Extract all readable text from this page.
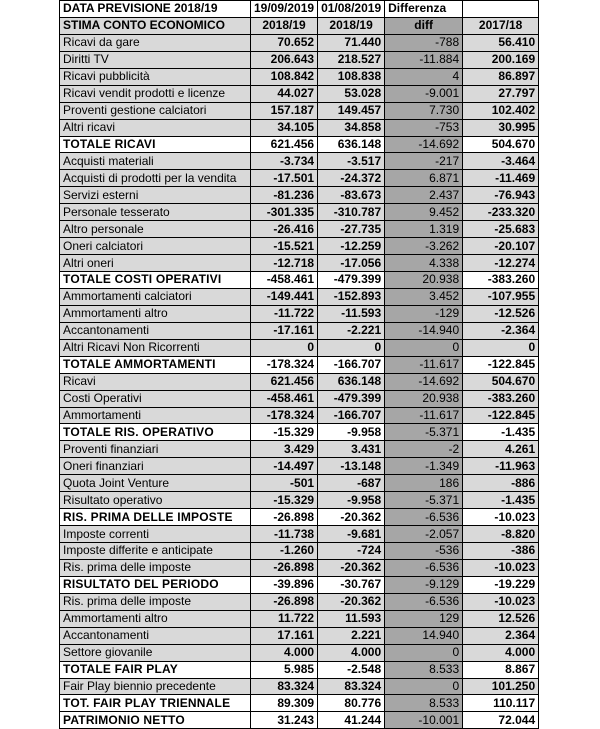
DATA PREVISIONE 2018/19	19/09/2019	01/08/2019	Differenza	
STIMA CONTO ECONOMICO	2018/19	2018/19	diff	2017/18
Ricavi da gare	70.652	71.440	-788	56.410
Diritti TV	206.643	218.527	-11.884	200.169
Ricavi pubblicità	108.842	108.838	4	86.897
Ricavi vendit prodotti e licenze	44.027	53.028	-9.001	27.797
Proventi gestione calciatori	157.187	149.457	7.730	102.402
Altri ricavi	34.105	34.858	-753	30.995
TOTALE RICAVI	621.456	636.148	-14.692	504.670
Acquisti materiali	-3.734	-3.517	-217	-3.464
Acquisti di prodotti per la vendita	-17.501	-24.372	6.871	-11.469
Servizi esterni	-81.236	-83.673	2.437	-76.943
Personale tesserato	-301.335	-310.787	9.452	-233.320
Altro personale	-26.416	-27.735	1.319	-25.683
Oneri calciatori	-15.521	-12.259	-3.262	-20.107
Altri oneri	-12.718	-17.056	4.338	-12.274
TOTALE COSTI OPERATIVI	-458.461	-479.399	20.938	-383.260
Ammortamenti calciatori	-149.441	-152.893	3.452	-107.955
Ammortamenti altro	-11.722	-11.593	-129	-12.526
Accantonamenti	-17.161	-2.221	-14.940	-2.364
Altri Ricavi Non Ricorrenti	0	0	0	0
TOTALE AMMORTAMENTI	-178.324	-166.707	-11.617	-122.845
Ricavi	621.456	636.148	-14.692	504.670
Costi Operativi	-458.461	-479.399	20.938	-383.260
Ammortamenti	-178.324	-166.707	-11.617	-122.845
TOTALE RIS. OPERATIVO	-15.329	-9.958	-5.371	-1.435
Proventi finanziari	3.429	3.431	-2	4.261
Oneri finanziari	-14.497	-13.148	-1.349	-11.963
Quota Joint Venture	-501	-687	186	-886
Risultato operativo	-15.329	-9.958	-5.371	-1.435
RIS. PRIMA DELLE IMPOSTE	-26.898	-20.362	-6.536	-10.023
Imposte correnti	-11.738	-9.681	-2.057	-8.820
Imposte differite e anticipate	-1.260	-724	-536	-386
Ris. prima delle imposte	-26.898	-20.362	-6.536	-10.023
RISULTATO DEL PERIODO	-39.896	-30.767	-9.129	-19.229
Ris. prima delle imposte	-26.898	-20.362	-6.536	-10.023
Ammortamenti altro	11.722	11.593	129	12.526
Accantonamenti	17.161	2.221	14.940	2.364
Settore giovanile	4.000	4.000	0	4.000
TOTALE FAIR PLAY	5.985	-2.548	8.533	8.867
Fair Play biennio precedente	83.324	83.324	0	101.250
TOT. FAIR PLAY TRIENNALE	89.309	80.776	8.533	110.117
PATRIMONIO NETTO	31.243	41.244	-10.001	72.044
